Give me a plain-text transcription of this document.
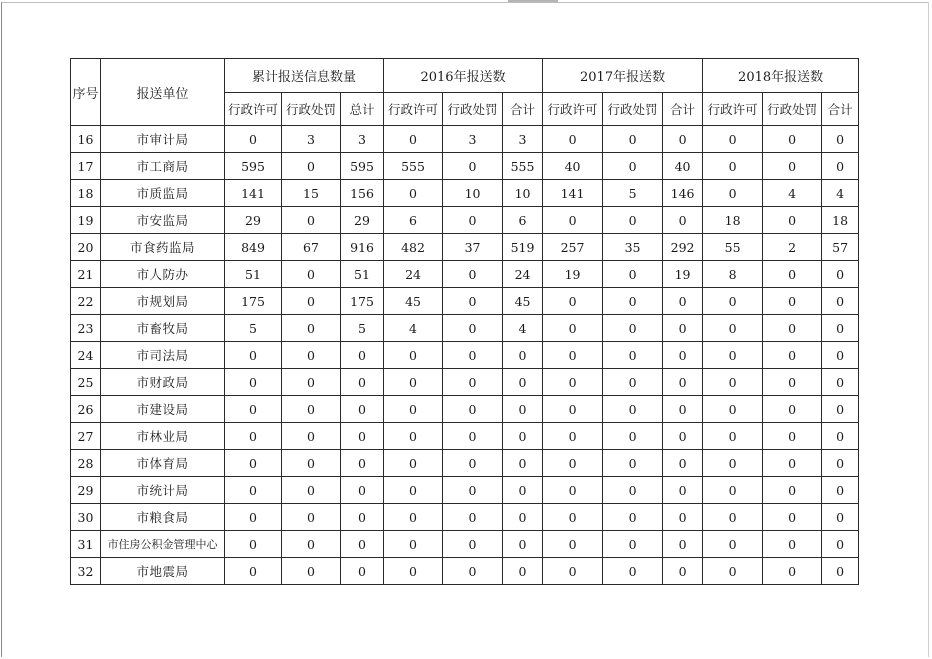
序号	报送单位	累计报送信息数量			2016年报送数			2017年报送数			2018年报送数		
		行政许可	行政处罚	总计	行政许可	行政处罚	合计	行政许可	行政处罚	合计	行政许可	行政处罚	合计
16	市审计局	0	3	3	0	3	3	0	0	0	0	0	0
17	市工商局	595	0	595	555	0	555	40	0	40	0	0	0
18	市质监局	141	15	156	0	10	10	141	5	146	0	4	4
19	市安监局	29	0	29	6	0	6	0	0	0	18	0	18
20	市食药监局	849	67	916	482	37	519	257	35	292	55	2	57
21	市人防办	51	0	51	24	0	24	19	0	19	8	0	0
22	市规划局	175	0	175	45	0	45	0	0	0	0	0	0
23	市畜牧局	5	0	5	4	0	4	0	0	0	0	0	0
24	市司法局	0	0	0	0	0	0	0	0	0	0	0	0
25	市财政局	0	0	0	0	0	0	0	0	0	0	0	0
26	市建设局	0	0	0	0	0	0	0	0	0	0	0	0
27	市林业局	0	0	0	0	0	0	0	0	0	0	0	0
28	市体育局	0	0	0	0	0	0	0	0	0	0	0	0
29	市统计局	0	0	0	0	0	0	0	0	0	0	0	0
30	市粮食局	0	0	0	0	0	0	0	0	0	0	0	0
31	市住房公积金管理中心	0	0	0	0	0	0	0	0	0	0	0	0
32	市地震局	0	0	0	0	0	0	0	0	0	0	0	0
